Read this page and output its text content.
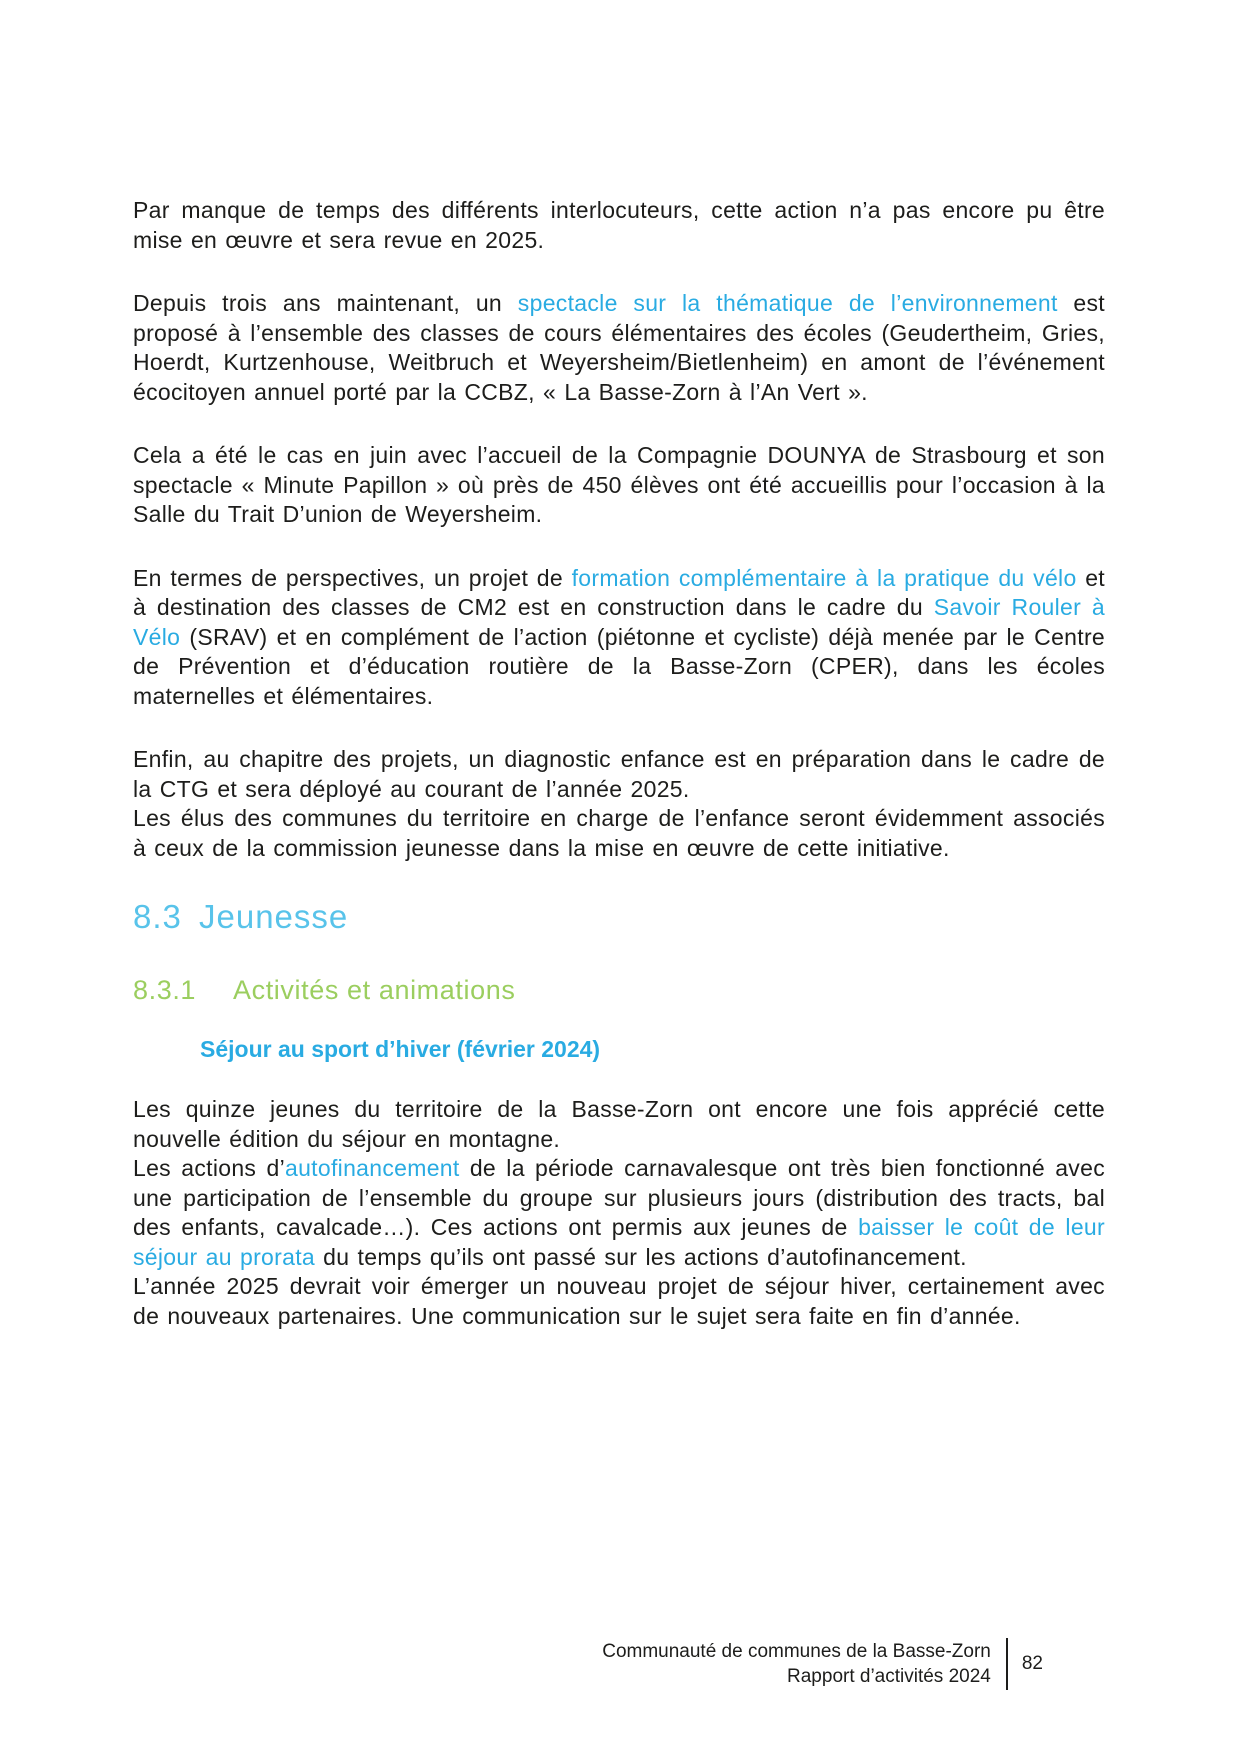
Par manque de temps des différents interlocuteurs, cette action n’a pas encore pu être mise en œuvre et sera revue en 2025.

Depuis trois ans maintenant, un spectacle sur la thématique de l’environnement est proposé à l’ensemble des classes de cours élémentaires des écoles (Geudertheim, Gries, Hoerdt, Kurtzenhouse, Weitbruch et Weyersheim/Bietlenheim) en amont de l’événement écocitoyen annuel porté par la CCBZ, « La Basse-Zorn à l’An Vert ».

Cela a été le cas en juin avec l’accueil de la Compagnie DOUNYA de Strasbourg et son spectacle « Minute Papillon » où près de 450 élèves ont été accueillis pour l’occasion à la Salle du Trait D’union de Weyersheim.

En termes de perspectives, un projet de formation complémentaire à la pratique du vélo et à destination des classes de CM2 est en construction dans le cadre du Savoir Rouler à Vélo (SRAV) et en complément de l’action (piétonne et cycliste) déjà menée par le Centre de Prévention et d’éducation routière de la Basse-Zorn (CPER), dans les écoles maternelles et élémentaires.

Enfin, au chapitre des projets, un diagnostic enfance est en préparation dans le cadre de la CTG et sera déployé au courant de l’année 2025.
Les élus des communes du territoire en charge de l’enfance seront évidemment associés à ceux de la commission jeunesse dans la mise en œuvre de cette initiative.

8.3 Jeunesse
8.3.1	Activités et animations
Séjour au sport d’hiver (février 2024)

Les quinze jeunes du territoire de la Basse-Zorn ont encore une fois apprécié cette nouvelle édition du séjour en montagne.
Les actions d’autofinancement de la période carnavalesque ont très bien fonctionné avec une participation de l’ensemble du groupe sur plusieurs jours (distribution des tracts, bal des enfants, cavalcade…). Ces actions ont permis aux jeunes de baisser le coût de leur séjour au prorata du temps qu’ils ont passé sur les actions d’autofinancement.
L’année 2025 devrait voir émerger un nouveau projet de séjour hiver, certainement avec de nouveaux partenaires. Une communication sur le sujet sera faite en fin d’année.

Communauté de communes de la Basse-Zorn
Rapport d’activités 2024
82
